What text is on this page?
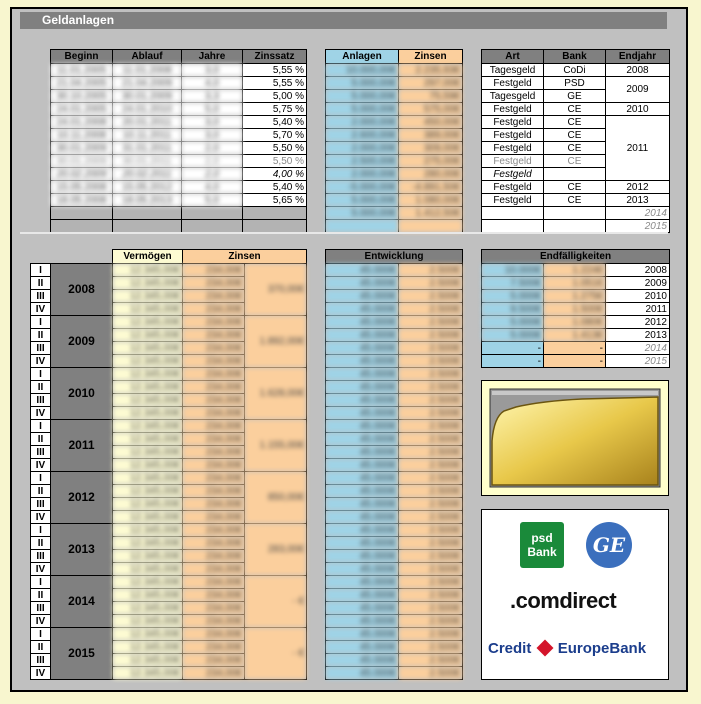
Geldanlagen
Beginn	Ablauf	Jahre	Zinssatz
11.01.2005	11.01.2008	3,0	5,55 %
21.04.2005	21.04.2009	4,0	5,55 %
30.10.2005	30.01.2009	3,3	5,00 %
24.01.2005	24.01.2010	5,0	5,75 %
24.01.2008	20.01.2011	3,0	5,40 %
10.11.2008	10.11.2011	3,0	5,70 %
30.01.2009	31.01.2011	2,0	5,50 %
30.01.2009	30.01.2011	2,0	5,50 %
20.02.2009	20.02.2011	2,0	4,00 %
15.05.2008	15.05.2012	4,0	5,40 %
18.05.2008	18.05.2013	5,0	5,65 %

Anlagen	Zinsen
10.000,00€	2.235,93€
5.000,00€	297,00€
5.000,00€	75,59€
5.000,00€	575,00€
2.000,00€	450,00€
2.600,00€	389,00€
2.000,00€	309,00€
2.500,00€	275,00€
2.000,00€	280,00€
-5.000,00€	-4.891,50€
5.000,00€	1.080,00€
5.000,00€	1.412,50€

Art	Bank	Endjahr
Tagesgeld	CoDi	2008
Festgeld	PSD	2009
Tagesgeld	GE	
Festgeld	CE	2010
Festgeld	CE	2011
Festgeld	CE	
Festgeld	CE	
Festgeld	CE	
Festgeld		
Festgeld	CE	2012
Festgeld	CE	2013
		2014
		2015
		Vermögen	Zinsen	
I	2008	12.345,00€	234,00€	370,00€
II		12.345,00€	234,00€	
III		12.345,00€	234,00€	
IV		12.345,00€	234,00€	
I	2009	12.345,00€	234,00€	1.892,00€
II		12.345,00€	234,00€	
III		12.345,00€	234,00€	
IV		12.345,00€	234,00€	
I	2010	12.345,00€	234,00€	1.628,00€
II		12.345,00€	234,00€	
III		12.345,00€	234,00€	
IV		12.345,00€	234,00€	
I	2011	12.345,00€	234,00€	1.155,00€
II		12.345,00€	234,00€	
III		12.345,00€	234,00€	
IV		12.345,00€	234,00€	
I	2012	12.345,00€	234,00€	850,00€
II		12.345,00€	234,00€	
III		12.345,00€	234,00€	
IV		12.345,00€	234,00€	
I	2013	12.345,00€	234,00€	283,00€
II		12.345,00€	234,00€	
III		12.345,00€	234,00€	
IV		12.345,00€	234,00€	
I	2014	12.345,00€	234,00€	- €
II		12.345,00€	234,00€	
III		12.345,00€	234,00€	
IV		12.345,00€	234,00€	
I	2015	12.345,00€	234,00€	- €
II		12.345,00€	234,00€	
III		12.345,00€	234,00€	
IV		12.345,00€	234,00€	
Entwicklung	
45.000€	2.500€
45.000€	2.500€
45.000€	2.500€
45.000€	2.500€
45.000€	2.500€
45.000€	2.500€
45.000€	2.500€
45.000€	2.500€
45.000€	2.500€
45.000€	2.500€
45.000€	2.500€
45.000€	2.500€
45.000€	2.500€
45.000€	2.500€
45.000€	2.500€
45.000€	2.500€
45.000€	2.500€
45.000€	2.500€
45.000€	2.500€
45.000€	2.500€
45.000€	2.500€
45.000€	2.500€
45.000€	2.500€
45.000€	2.500€
45.000€	2.500€
45.000€	2.500€
45.000€	2.500€
45.000€	2.500€
45.000€	2.500€
45.000€	2.500€
45.000€	2.500€
45.000€	2.500€
Endfälligkeiten		
10.000€	1.224€	2008
7.500€	1.051€	2009
5.000€	1.275€	2010
9.500€	1.500€	2011
5.000€	1.080€	2012
5.000€	1.413€	2013
-	-	2014
-	-	2015
psd Bank	GE
.comdirect
Credit EuropeBank
